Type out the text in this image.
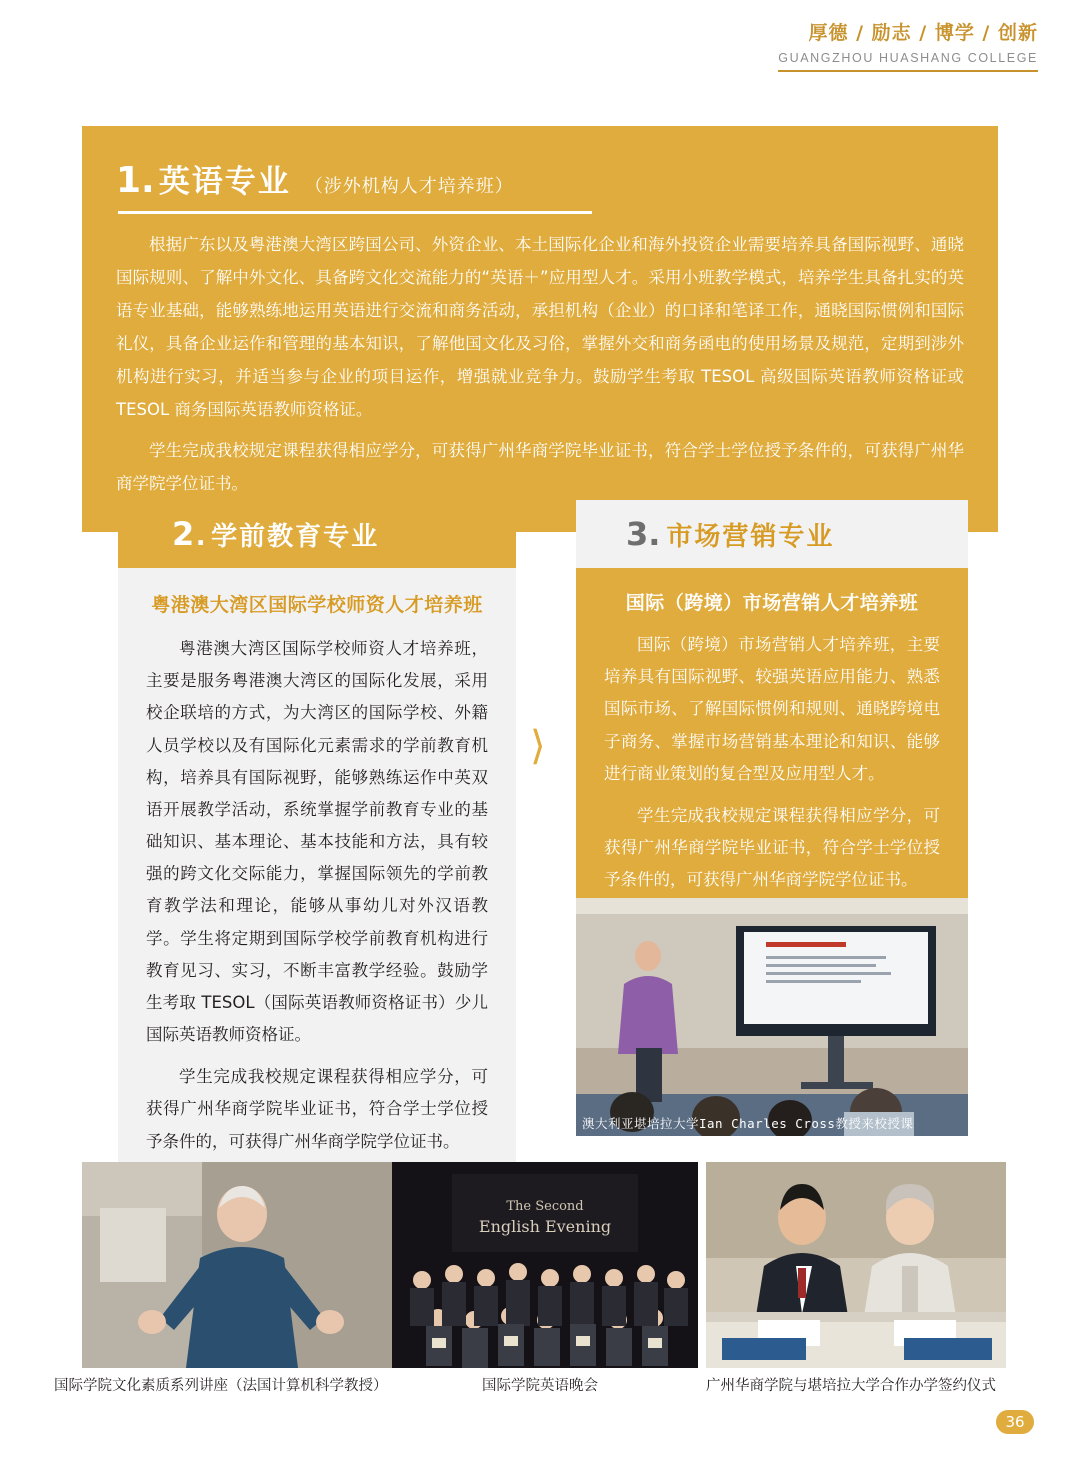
厚德 / 励志 / 博学 / 创新
GUANGZHOU HUASHANG COLLEGE
1. 英语专业 （涉外机构人才培养班）

根据广东以及粤港澳大湾区跨国公司、外资企业、本土国际化企业和海外投资企业需要培养具备国际视野、通晓国际规则、了解中外文化、具备跨文化交流能力的“英语＋”应用型人才。采用小班教学模式，培养学生具备扎实的英语专业基础，能够熟练地运用英语进行交流和商务活动，承担机构（企业）的口译和笔译工作，通晓国际惯例和国际礼仪，具备企业运作和管理的基本知识，了解他国文化及习俗，掌握外交和商务函电的使用场景及规范，定期到涉外机构进行实习，并适当参与企业的项目运作，增强就业竞争力。鼓励学生考取 TESOL 高级国际英语教师资格证或 TESOL 商务国际英语教师资格证。

学生完成我校规定课程获得相应学分，可获得广州华商学院毕业证书，符合学士学位授予条件的，可获得广州华商学院学位证书。

2 . 学前教育专业
粤港澳大湾区国际学校师资人才培养班

粤港澳大湾区国际学校师资人才培养班，主要是服务粤港澳大湾区的国际化发展，采用校企联培的方式，为大湾区的国际学校、外籍人员学校以及有国际化元素需求的学前教育机构，培养具有国际视野，能够熟练运作中英双语开展教学活动，系统掌握学前教育专业的基础知识、基本理论、基本技能和方法，具有较强的跨文化交际能力，掌握国际领先的学前教育教学法和理论，能够从事幼儿对外汉语教学。学生将定期到国际学校学前教育机构进行教育见习、实习，不断丰富教学经验。鼓励学生考取 TESOL（国际英语教师资格证书）少儿国际英语教师资格证。

学生完成我校规定课程获得相应学分，可获得广州华商学院毕业证书，符合学士学位授予条件的，可获得广州华商学院学位证书。

⟩
3. 市场营销专业
国际（跨境）市场营销人才培养班

国际（跨境）市场营销人才培养班，主要培养具有国际视野、较强英语应用能力、熟悉国际市场、了解国际惯例和规则、通晓跨境电子商务、掌握市场营销基本理论和知识、能够进行商业策划的复合型及应用型人才。

学生完成我校规定课程获得相应学分，可获得广州华商学院毕业证书，符合学士学位授予条件的，可获得广州华商学院学位证书。

澳大利亚堪培拉大学Ian Charles Cross教授来校授课
The Second
English Evening
国际学院文化素质系列讲座（法国计算机科学教授）	国际学院英语晚会	广州华商学院与堪培拉大学合作办学签约仪式
36
